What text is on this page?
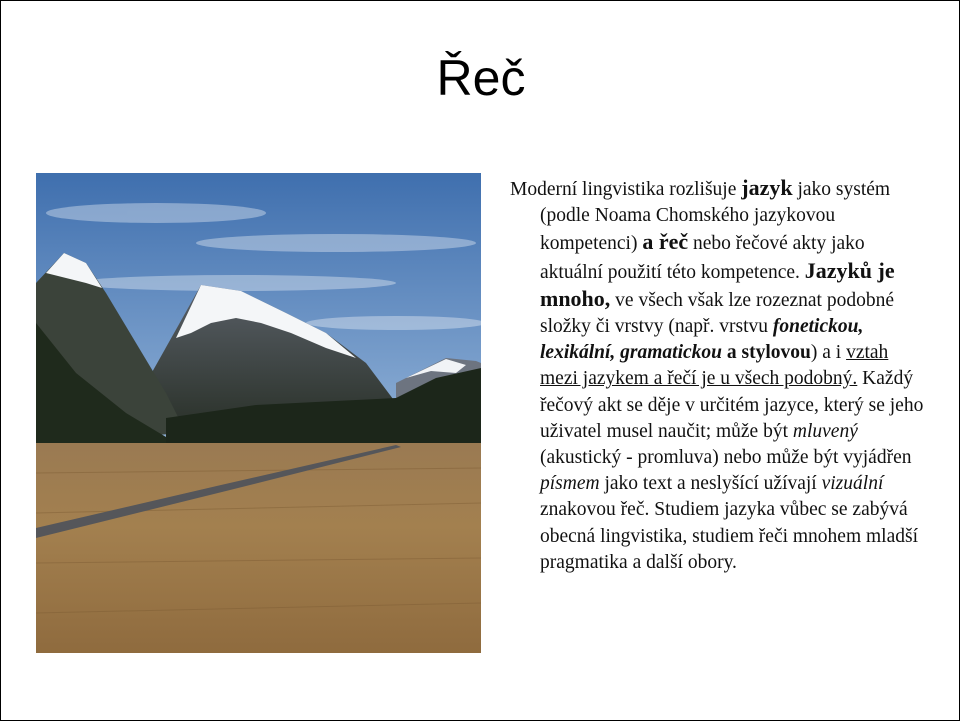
Řeč

Moderní lingvistika rozlišuje jazyk jako systém (podle Noama Chomského jazykovou kompetenci) a řeč nebo řečové akty jako aktuální použití této kompetence. Jazyků je mnoho, ve všech však lze rozeznat podobné složky či vrstvy (např. vrstvu fonetickou, lexikální, gramatickou a stylovou) a i vztah mezi jazykem a řečí je u všech podobný. Každý řečový akt se děje v určitém jazyce, který se jeho uživatel musel naučit; může být mluvený (akustický - promluva) nebo může být vyjádřen písmem jako text a neslyšící užívají vizuální znakovou řeč. Studiem jazyka vůbec se zabývá obecná lingvistika, studiem řeči mnohem mladší pragmatika a další obory.
